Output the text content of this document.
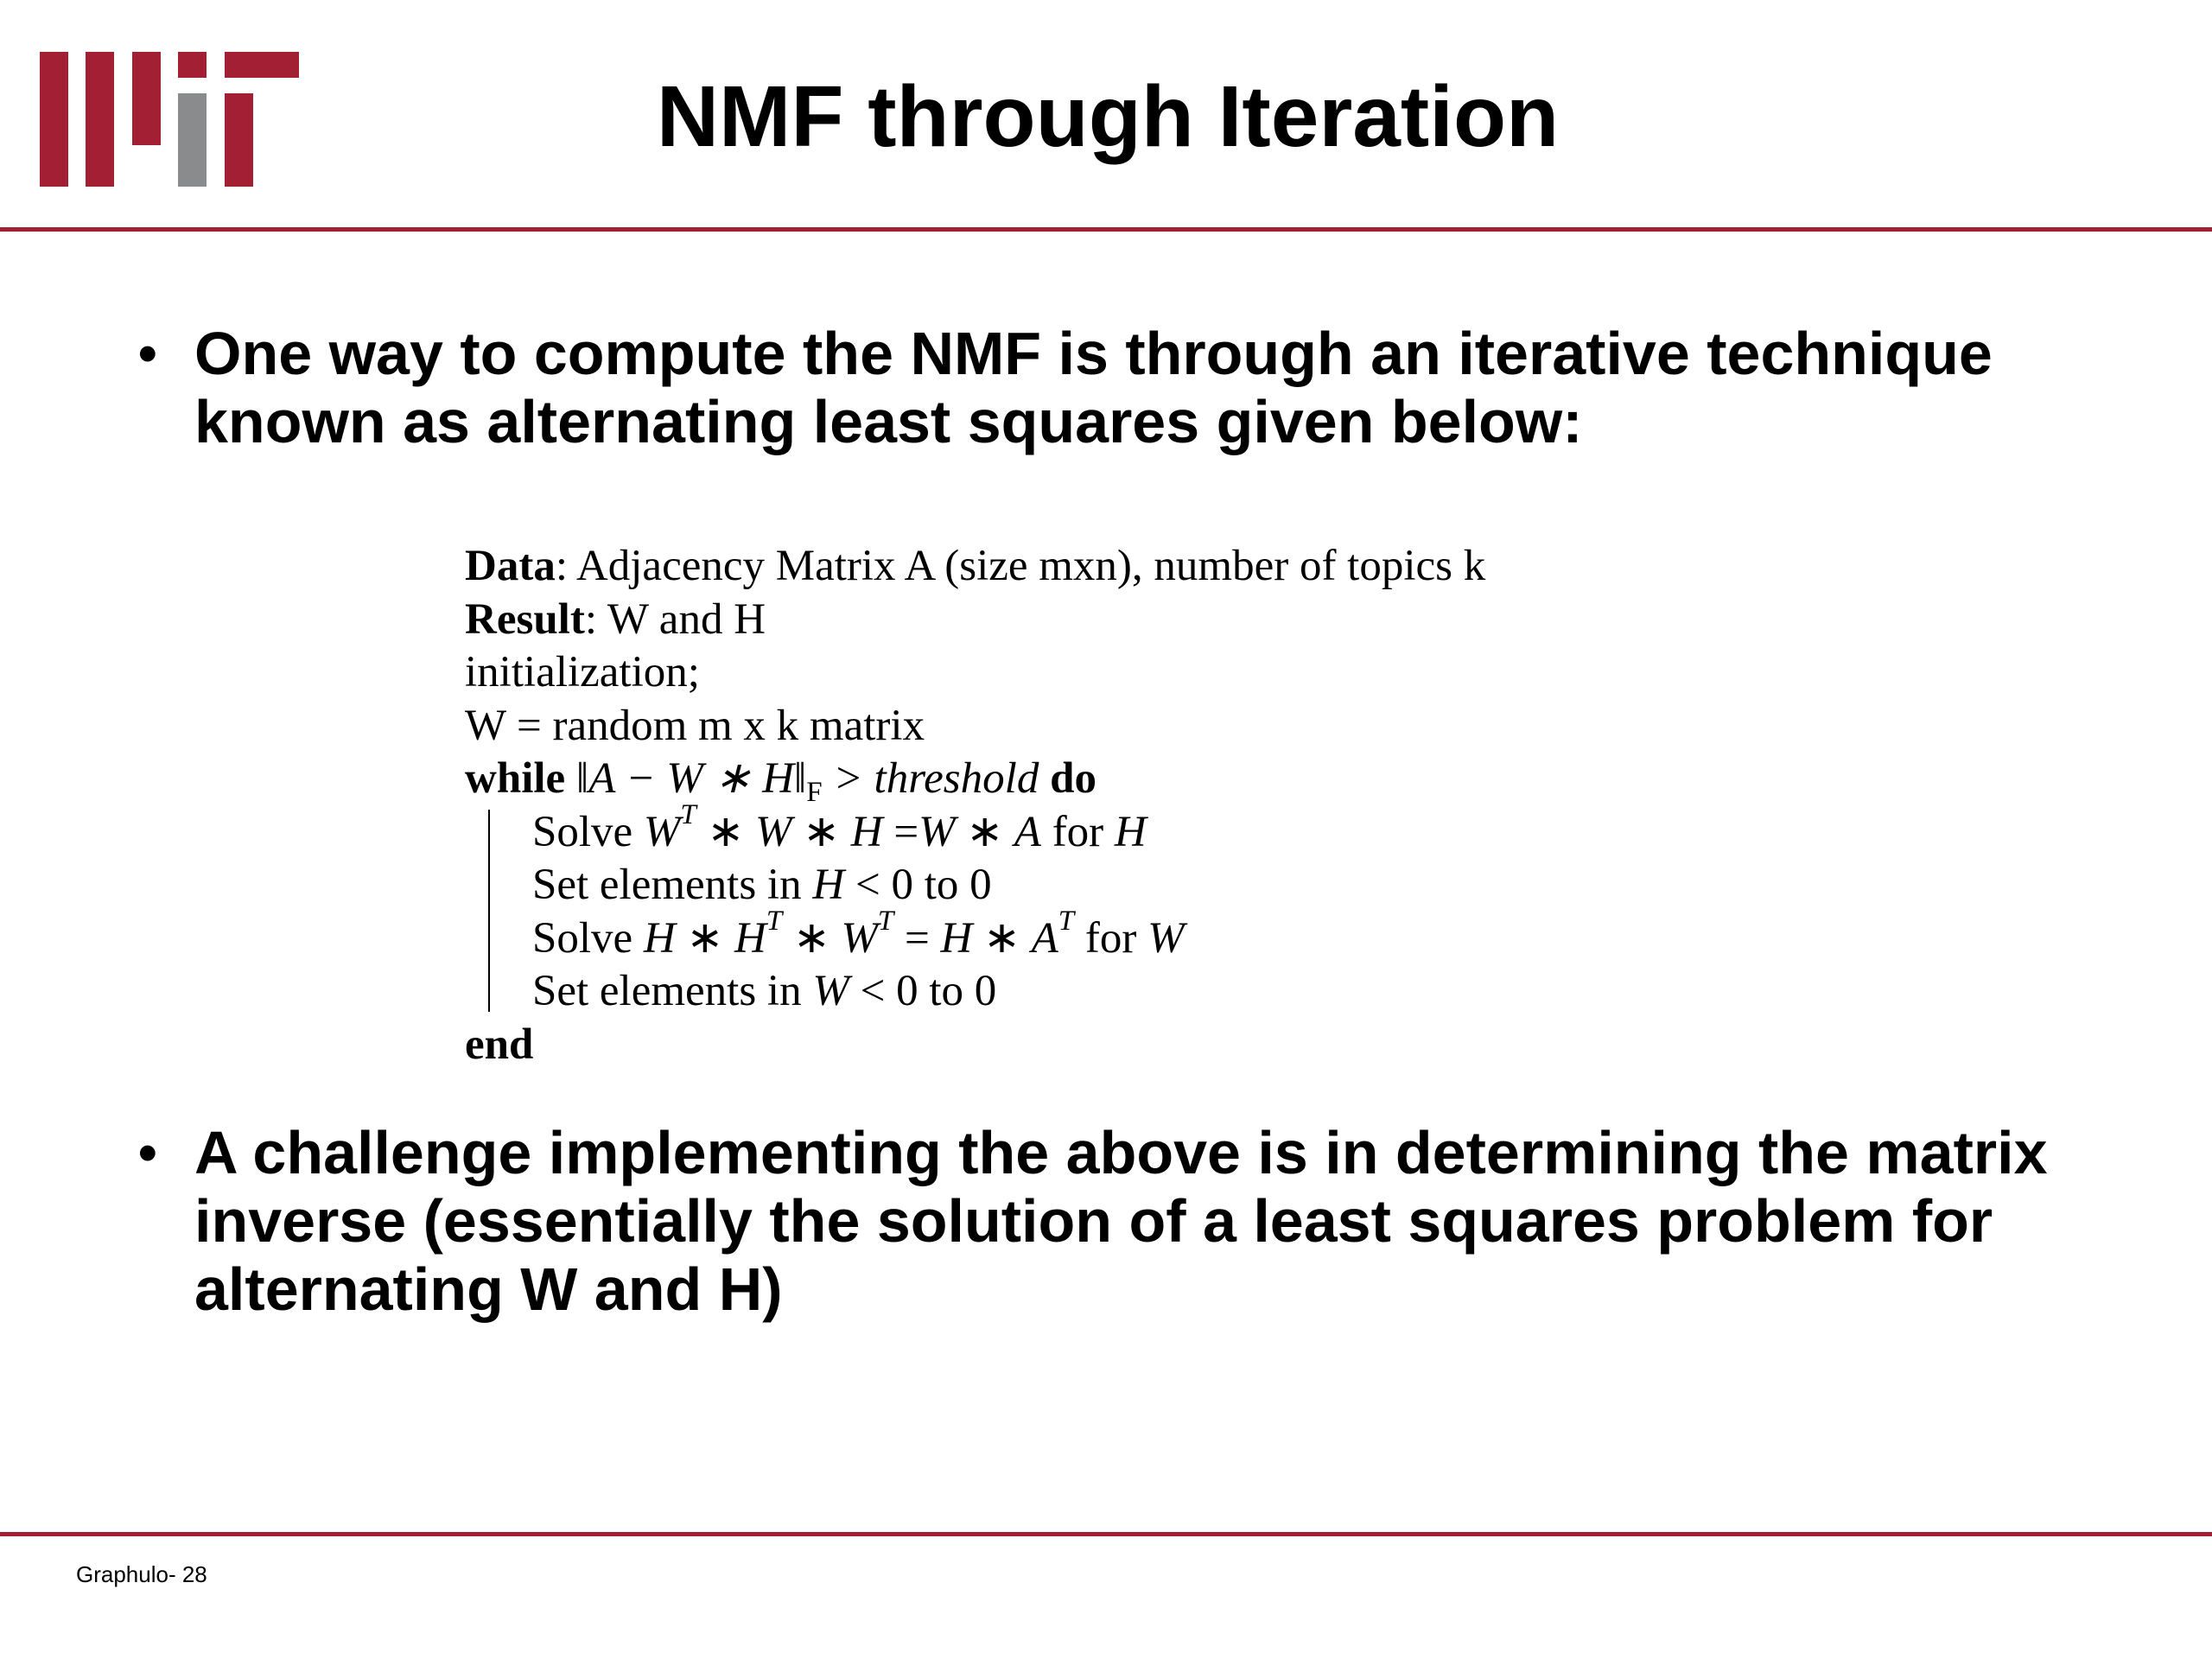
NMF through Iteration
• One way to compute the NMF is through an iterative technique known as alternating least squares given below:
Data: Adjacency Matrix A (size mxn), number of topics k
Result: W and H
initialization;
W = random m x k matrix
while ‖A − W ∗ $H‖_F$ > threshold do
Solve $W^T$ ∗ W ∗ H =W ∗ A for H
Set elements in H < 0 to 0
Solve H ∗ $H^T$ ∗ $W^T = H$ ∗ $A^T$ for W
Set elements in W < 0 to 0
end
• A challenge implementing the above is in determining the matrix inverse (essentially the solution of a least squares problem for alternating W and H)
Graphulo- 28
